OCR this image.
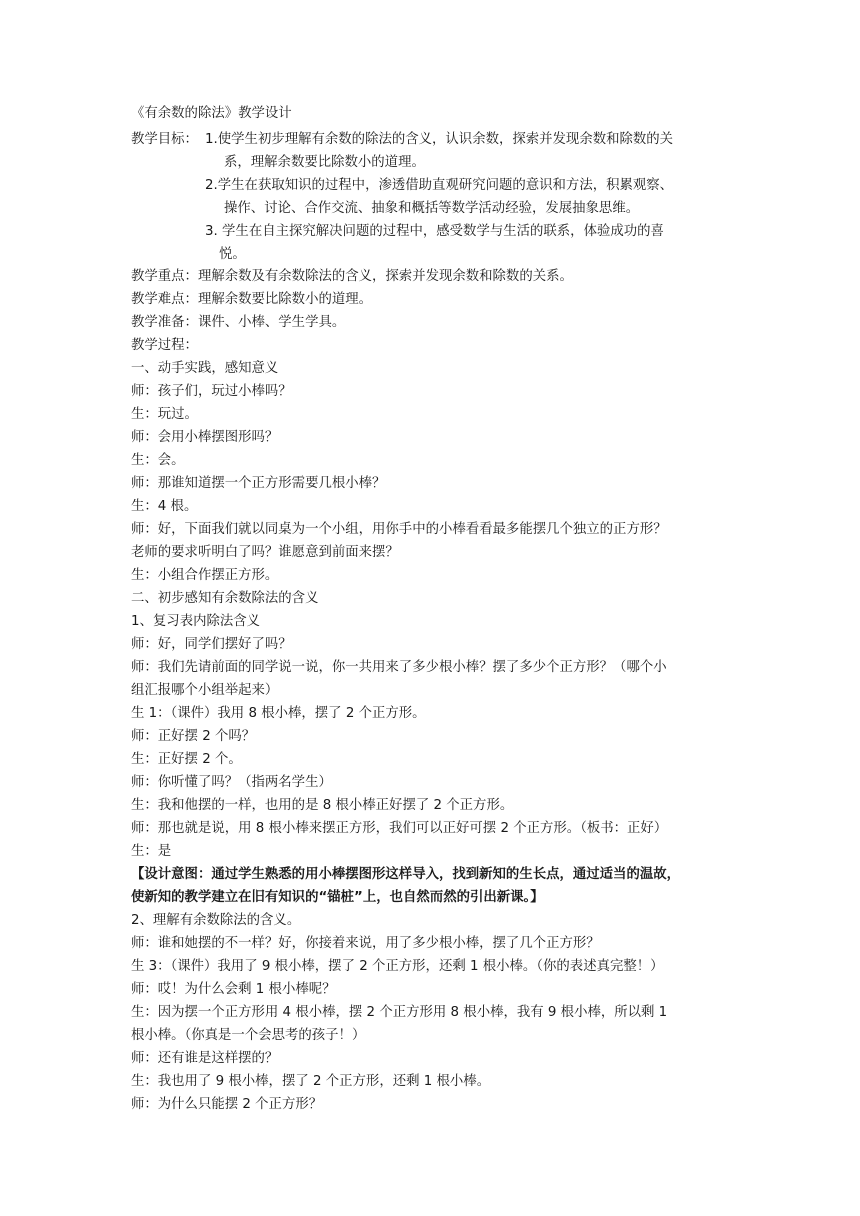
《有余数的除法》教学设计
教学目标： 1.使学生初步理解有余数的除法的含义，认识余数，探索并发现余数和除数的关
系，理解余数要比除数小的道理。
2.学生在获取知识的过程中，渗透借助直观研究问题的意识和方法，积累观察、
操作、讨论、合作交流、抽象和概括等数学活动经验，发展抽象思维。
3. 学生在自主探究解决问题的过程中，感受数学与生活的联系，体验成功的喜
悦。
教学重点：理解余数及有余数除法的含义，探索并发现余数和除数的关系。
教学难点：理解余数要比除数小的道理。
教学准备：课件、小棒、学生学具。
教学过程：
一、动手实践，感知意义
师：孩子们，玩过小棒吗？
生：玩过。
师：会用小棒摆图形吗？
生：会。
师：那谁知道摆一个正方形需要几根小棒？
生：4 根。
师：好，下面我们就以同桌为一个小组，用你手中的小棒看看最多能摆几个独立的正方形？
老师的要求听明白了吗？谁愿意到前面来摆？
生：小组合作摆正方形。
二、初步感知有余数除法的含义
1、复习表内除法含义
师：好，同学们摆好了吗？
师：我们先请前面的同学说一说，你一共用来了多少根小棒？摆了多少个正方形？（哪个小
组汇报哪个小组举起来）
生 1：（课件）我用 8 根小棒，摆了 2 个正方形。
师：正好摆 2 个吗？
生：正好摆 2 个。
师：你听懂了吗？（指两名学生）
生：我和他摆的一样，也用的是 8 根小棒正好摆了 2 个正方形。
师：那也就是说，用 8 根小棒来摆正方形，我们可以正好可摆 2 个正方形。（板书：正好）
生：是
【设计意图：通过学生熟悉的用小棒摆图形这样导入，找到新知的生长点，通过适当的温故，
使新知的教学建立在旧有知识的“锚桩”上，也自然而然的引出新课。】
2、理解有余数除法的含义。
师：谁和她摆的不一样？好，你接着来说，用了多少根小棒，摆了几个正方形？
生 3：（课件）我用了 9 根小棒，摆了 2 个正方形，还剩 1 根小棒。（你的表述真完整！）
师：哎！为什么会剩 1 根小棒呢？
生：因为摆一个正方形用 4 根小棒，摆 2 个正方形用 8 根小棒，我有 9 根小棒，所以剩 1
根小棒。（你真是一个会思考的孩子！）
师：还有谁是这样摆的？
生：我也用了 9 根小棒，摆了 2 个正方形，还剩 1 根小棒。
师：为什么只能摆 2 个正方形？
